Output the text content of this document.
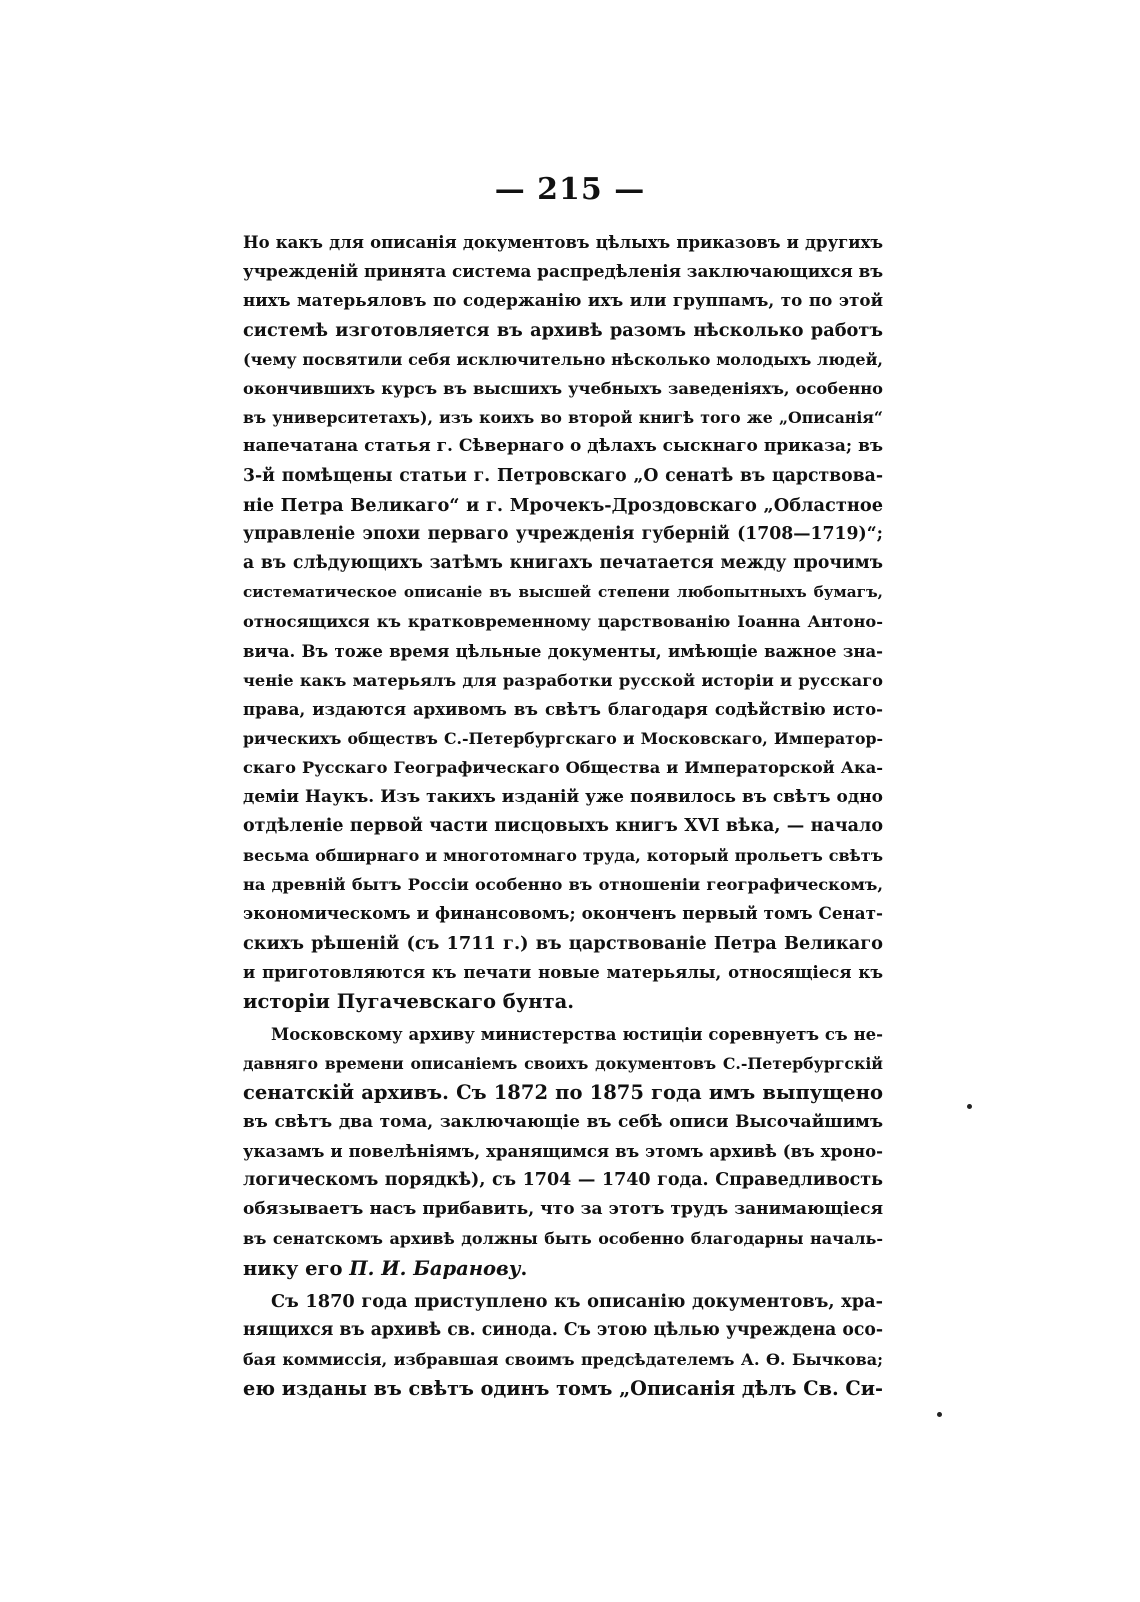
— 215 —
Но какъ для описанія документовъ цѣлыхъ приказовъ и другихъ
учрежденій принята система распредѣленія заключающихся въ
нихъ матерьяловъ по содержанію ихъ или группамъ, то по этой
системѣ изготовляется въ архивѣ разомъ нѣсколько работъ
(чему посвятили себя исключительно нѣсколько молодыхъ людей,
окончившихъ курсъ въ высшихъ учебныхъ заведеніяхъ, особенно
въ университетахъ), изъ коихъ во второй книгѣ того же „Описанія“
напечатана статья г. Сѣвернаго о дѣлахъ сыскнаго приказа; въ
3-й помѣщены статьи г. Петровскаго „О сенатѣ въ царствова-
ніе Петра Великаго“ и г. Мрочекъ-Дроздовскаго „Областное
управленіе эпохи перваго учрежденія губерній (1708—1719)“;
а въ слѣдующихъ затѣмъ книгахъ печатается между прочимъ
систематическое описаніе въ высшей степени любопытныхъ бумагъ,
относящихся къ кратковременному царствованію Іоанна Антоно-
вича. Въ тоже время цѣльные документы, имѣющіе важное зна-
ченіе какъ матерьялъ для разработки русской исторіи и русскаго
права, издаются архивомъ въ свѣтъ благодаря содѣйствію исто-
рическихъ обществъ С.-Петербургскаго и Московскаго, Император-
скаго Русскаго Географическаго Общества и Императорской Ака-
деміи Наукъ. Изъ такихъ изданій уже появилось въ свѣтъ одно
отдѣленіе первой части писцовыхъ книгъ XVI вѣка, — начало
весьма обширнаго и многотомнаго труда, который прольетъ свѣтъ
на древній бытъ Россіи особенно въ отношеніи географическомъ,
экономическомъ и финансовомъ; оконченъ первый томъ Сенат-
скихъ рѣшеній (съ 1711 г.) въ царствованіе Петра Великаго
и приготовляются къ печати новые матерьялы, относящіеся къ
исторіи Пугачевскаго бунта.
Московскому архиву министерства юстиціи соревнуетъ съ не-
давняго времени описаніемъ своихъ документовъ С.-Петербургскій
сенатскій архивъ. Съ 1872 по 1875 года имъ выпущено
въ свѣтъ два тома, заключающіе въ себѣ описи Высочайшимъ
указамъ и повелѣніямъ, хранящимся въ этомъ архивѣ (въ хроно-
логическомъ порядкѣ), съ 1704 — 1740 года. Справедливость
обязываетъ насъ прибавить, что за этотъ трудъ занимающіеся
въ сенатскомъ архивѣ должны быть особенно благодарны началь-
нику его П. И. Баранову.
Съ 1870 года приступлено къ описанію документовъ, хра-
нящихся въ архивѣ св. синода. Съ этою цѣлью учреждена осо-
бая коммиссія, избравшая своимъ предсѣдателемъ А. Ѳ. Бычкова;
ею изданы въ свѣтъ одинъ томъ „Описанія дѣлъ Св. Си-
